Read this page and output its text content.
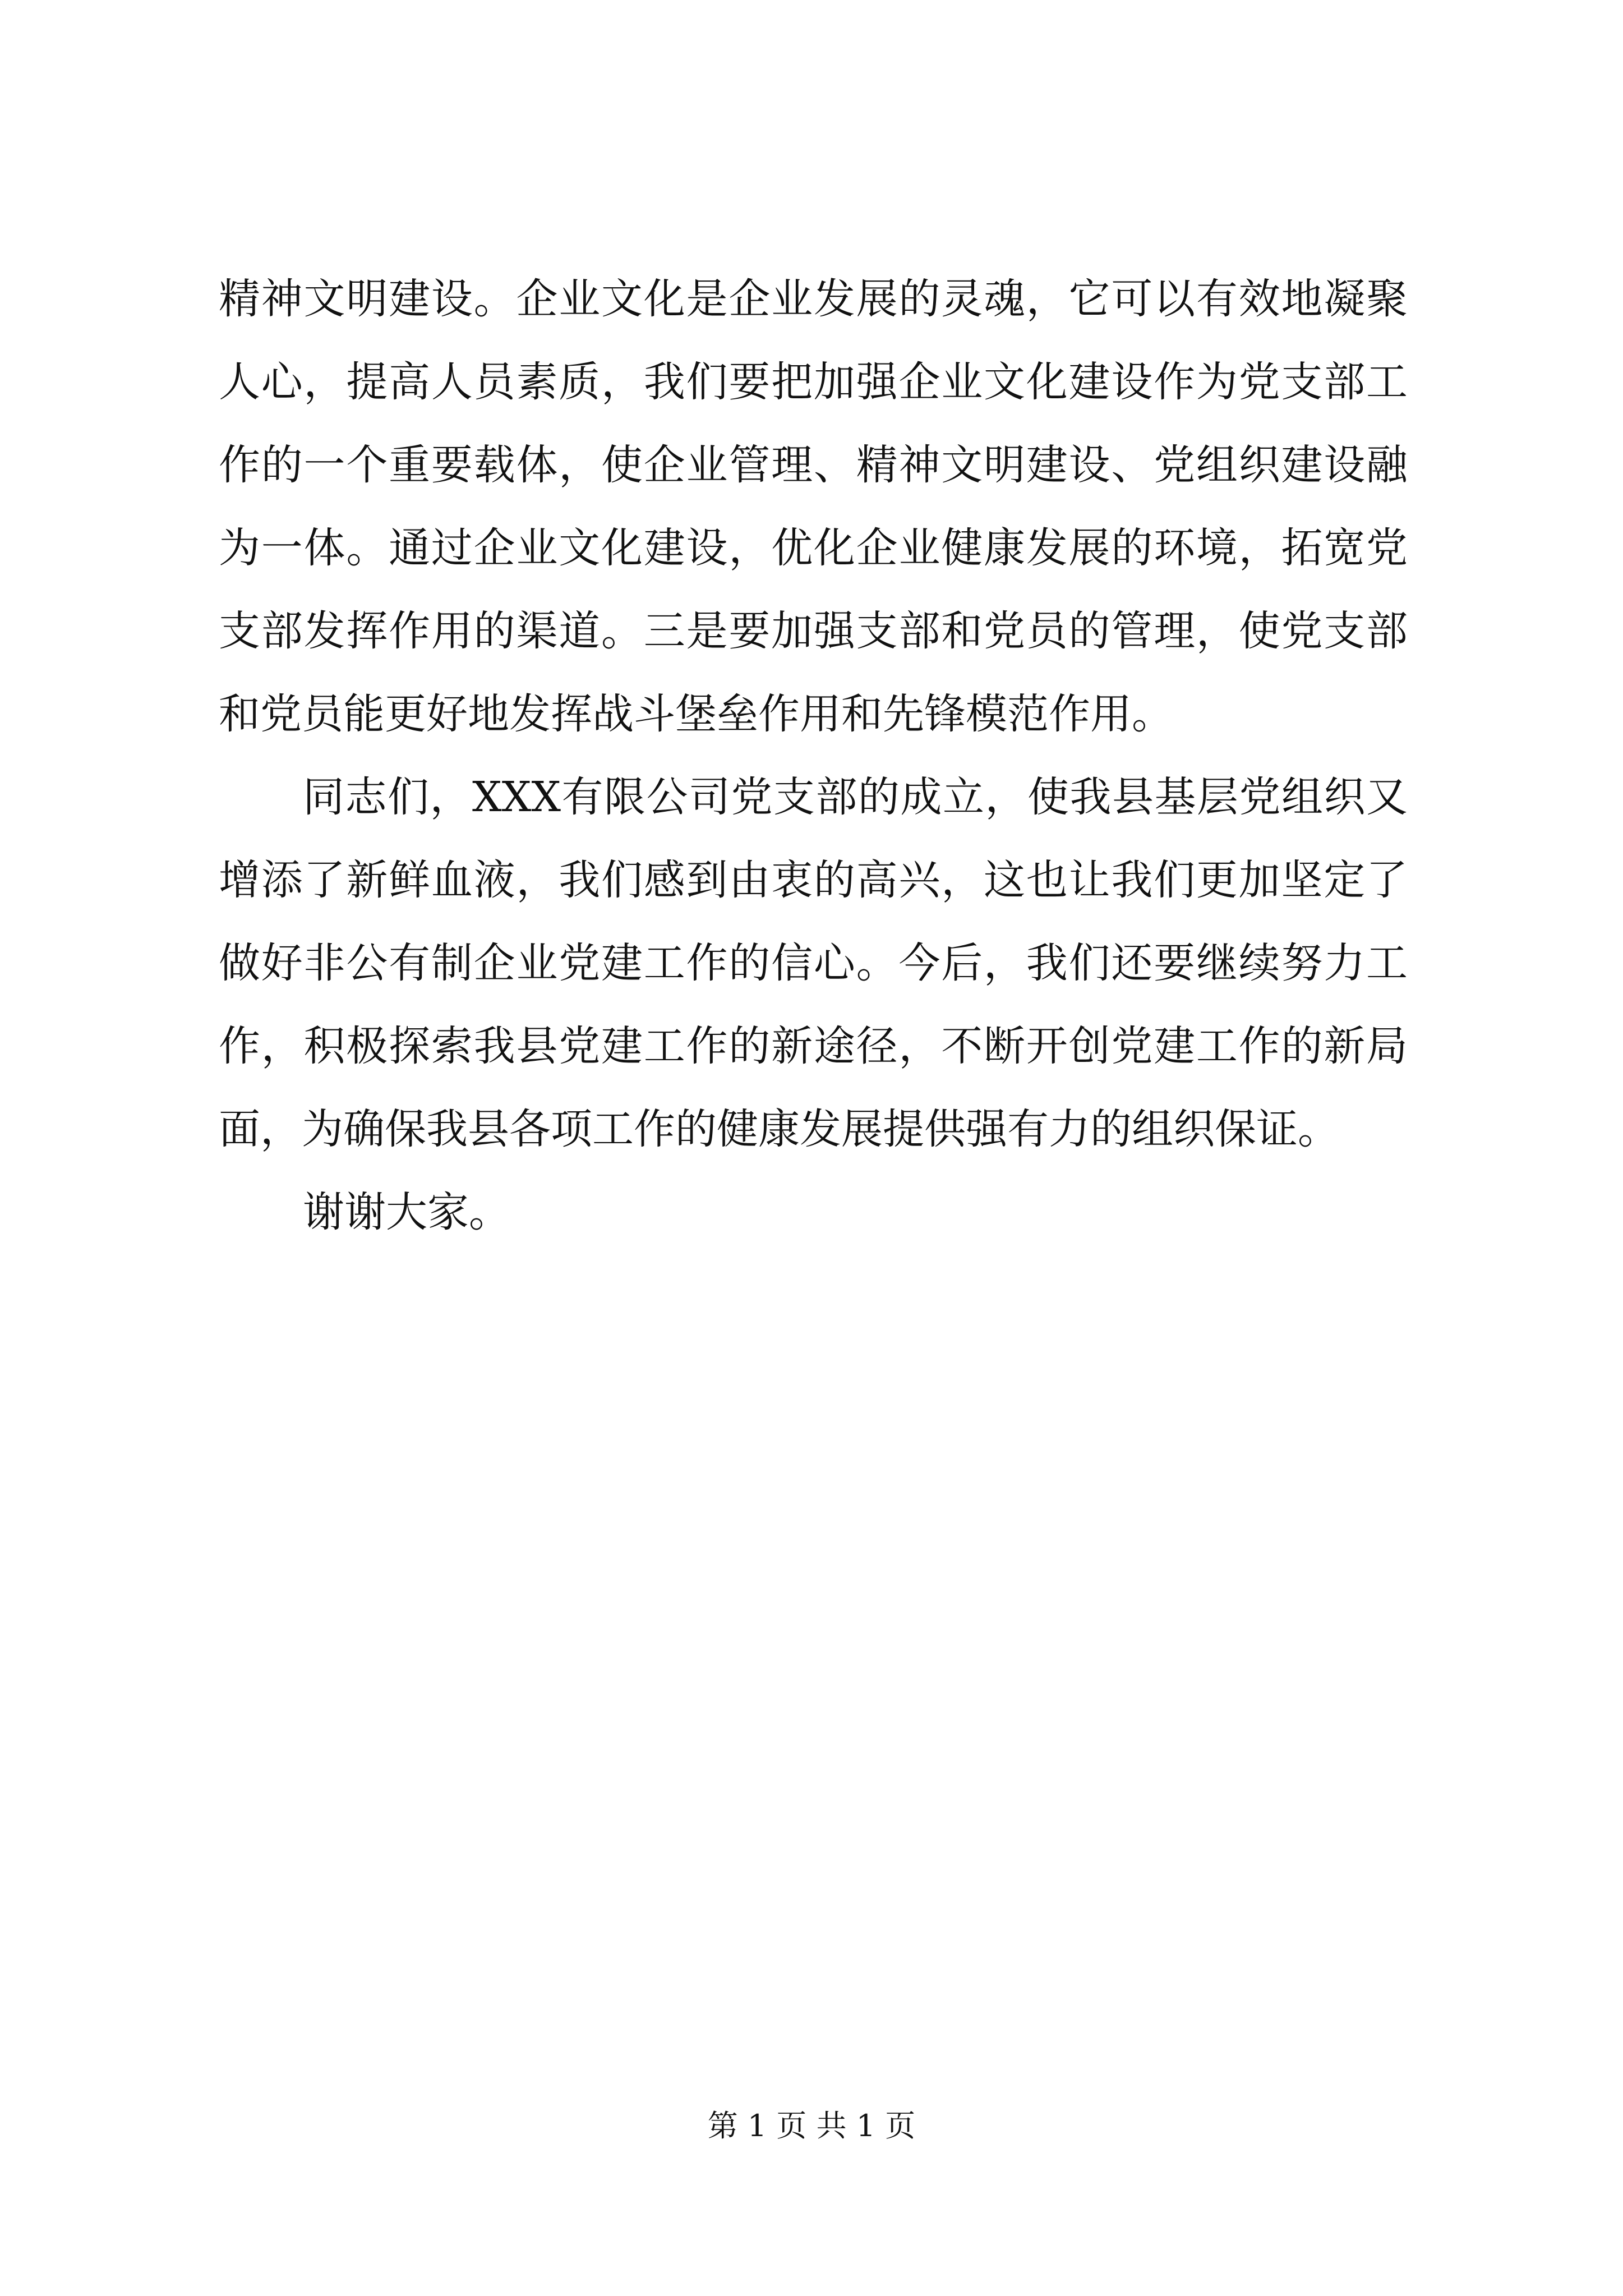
精神文明建设。企业文化是企业发展的灵魂，它可以有效地凝聚
人心，提高人员素质，我们要把加强企业文化建设作为党支部工
作的一个重要载体，使企业管理、精神文明建设、党组织建设融
为一体。通过企业文化建设，优化企业健康发展的环境，拓宽党
支部发挥作用的渠道。三是要加强支部和党员的管理，使党支部
和党员能更好地发挥战斗堡垒作用和先锋模范作用。
同志们，XXX有限公司党支部的成立，使我县基层党组织又
增添了新鲜血液，我们感到由衷的高兴，这也让我们更加坚定了
做好非公有制企业党建工作的信心。今后，我们还要继续努力工
作，积极探索我县党建工作的新途径，不断开创党建工作的新局
面，为确保我县各项工作的健康发展提供强有力的组织保证。
谢谢大家。
第 1 页 共 1 页
